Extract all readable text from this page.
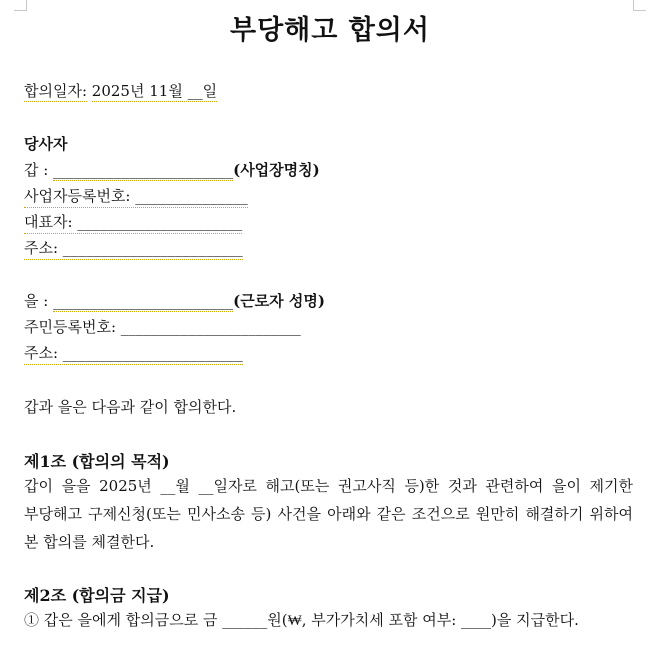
부당해고 합의서
합의일자: 2025년 11월 __일
당사자
갑 : ________________________(사업장명칭)
사업자등록번호: _______________
대표자: ______________________
주소: ________________________
을 : ________________________(근로자 성명)
주민등록번호: ________________________
주소: ________________________
갑과 을은 다음과 같이 합의한다.
제1조 (합의의 목적)
갑이 을을 2025년 __월 __일자로 해고(또는 권고사직 등)한 것과 관련하여 을이 제기한 부당해고 구제신청(또는 민사소송 등) 사건을 아래와 같은 조건으로 원만히 해결하기 위하여 본 합의를 체결한다.
제2조 (합의금 지급)
① 갑은 을에게 합의금으로 금 ______원(₩, 부가가치세 포함 여부: ____)을 지급한다.
